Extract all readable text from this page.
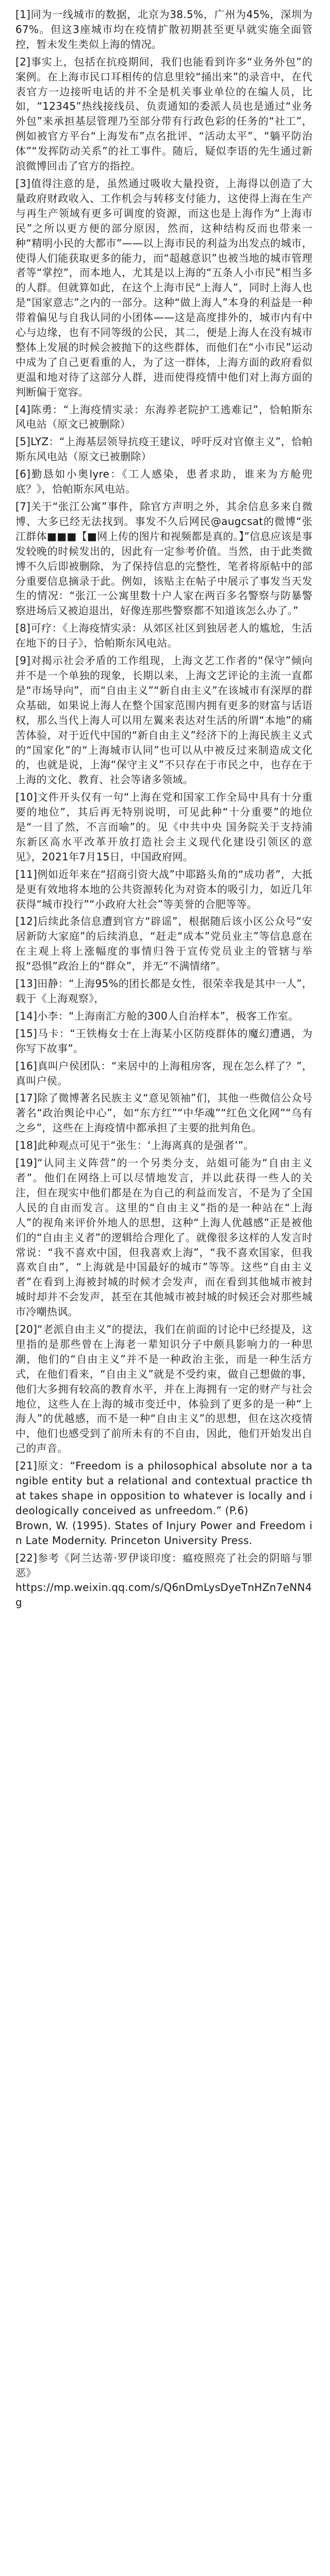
[1]同为一线城市的数据，北京为38.5%，广州为45%，深圳为67%。但这3座城市均在疫情扩散初期甚至更早就实施全面管控，暂未发生类似上海的情况。

[2]事实上，包括在抗疫期间，我们也能看到许多“业务外包”的案例。在上海市民口耳相传的信息里较“捅出来”的录音中，在代表官方一边接听电话的并不全是机关事业单位的在编人员，比如，“12345”热线接线员、负责通知的委派人员也是通过“业务外包”来承担基层管理乃至部分带有行政色彩的任务的“社工”，例如被官方平台“上海发布”点名批评、“活动太平”、“躺平防治体”“发挥防动关系”的社工事件。随后，疑似李语的先生通过新浪微博回击了官方的指控。

[3]值得注意的是，虽然通过吸收大量投资，上海得以创造了大量政府财政收入、工作机会与转移支付能力，这使得上海在生产与再生产领域有更多可调度的资源，而这也是上海作为“上海市民”之所以更方便的部分原因，然而，这种结构反而也带来一种“精明小民的大都市”——以上海市民的利益为出发点的城市，使得人们能获取更多的能力，而“超越意识”也被当地的城市管理者等“掌控”，而本地人，尤其是以上海的“五条人小市民”相当多的人群。但就算如此，在这个上海市民“上海人”，同时上海人也是“国家意志”之内的一部分。这种“做上海人”本身的利益是一种带着偏见与自我认同的小团体——这是高度排外的，城市内有中心与边缘，也有不同等级的公民，其二，便是上海人在没有城市整体上发展的时候会被抛下的这些群体，而他们在“小市民”运动中成为了自己更看重的人，为了这一群体，上海方面的政府看似更温和地对待了这部分人群，进而使得疫情中他们对上海方面的判断偏于宽容。

[4]陈勇：“上海疫情实录：东海养老院护工逃难记”，恰帕斯东风电站（原文已被删除）

[5]LYZ：“上海基层领导抗疫王建议，呼吁反对官僚主义”，恰帕斯东风电站（原文已被删除）

[6]勤恳如小奥lyre：《工人感染，患者求助，谁来为方舱兜底？》，恰帕斯东风电站。

[7]关于“张江公寓”事件，除官方声明之外，其余信息多来自微博、大多已经无法找到。事发不久后网民@augcsat的微博“张江群体■■■【■网上传的图片和视频都是真的。】”信息应该是事发较晚的时候发出的，因此有一定参考价值。当然，由于此类微博不久后即被删除，为了保持信息的完整性，笔者将原帖中的部分重要信息摘录于此。例如，该贴主在帖子中展示了事发当天发生的情况：“张江一公寓里数十户人家在两百多名警察与防暴警察进场后又被迫退出，好像连那些警察都不知道该怎么办了。”

[8]可疗：《上海疫情实录：从郊区社区到独居老人的尴尬，生活在地下的日子》，恰帕斯东风电站。

[9]对揭示社会矛盾的工作组现，上海文艺工作者的“保守”倾向并不是一个单独的现象，长期以来，上海文艺评论的主流一直都是“市场导向”，而“自由主义”“新自由主义”在该城市有深厚的群众基础，如果说上海人在整个国家范围内拥有更多的财富与话语权，那么当代上海人可以用左翼来表达对生活的所谓“本地”的痛苦体验，对于近代中国的“新自由主义”经济下的上海民族主义式的“国家化”的“上海城市认同”也可以从中被反过来制造成文化的，也就是说，上海“保守主义”不只存在于市民之中，也存在于上海的文化、教育、社会等诸多领域。

[10]文件开头仅有一句“上海在党和国家工作全局中具有十分重要的地位”，其后再无特别说明，可见此种“十分重要”的地位是“一目了然，不言而喻”的。见《中共中央 国务院关于支持浦东新区高水平改革开放打造社会主义现代化建设引领区的意见》，2021年7月15日，中国政府网。

[11]例如近年来在“招商引资大战”中耶路头角的“成功者”，大抵是更有效地将本地的公共资源转化为对资本的吸引力，如近几年获得“城市投行”“小政府大社会”等美誉的合肥等等。

[12]后续此条信息遭到官方“辟谣”，根据随后该小区公众号“安居新防大家庭”的后续消息，“赶走“成本”党员业主”等信息意在在主观上将上涨幅度的事情归咎于宣传党员业主的管辖与举报“恐惧”政治上的“群众”，并无“不满情绪”。

[13]田静：“上海95%的团长都是女性，很荣幸我是其中一人”，载于《上海观察》，

[14]小李：“上海南汇方舱的300人自治样本”，极客工作室。

[15]马卡：“王铁梅女士在上海某小区防疫群体的魔幻遭遇，为你写下故事”。

[16]真叫户侯团队：“来居中的上海租房客，现在怎么样了？”，真叫户侯。

[17]除了微博著名民族主义“意见领袖”们，其他一些微信公众号著名“政治舆论中心”，如“东方红”“中华魂”“红色文化网”“乌有之乡”，这些在上海疫情中都承担了主要的批判角色。

[18]此种观点可见于“张生：‘上海离真的是强者’”。

[19]“认同主义阵营”的一个另类分支，站姐可能为“自由主义者”。他们在网络上可以尽情地发言，并以此获得一些人的关注，但在现实中他们都是在为自己的利益而发言，不是为了全国人民的自由而发言。这里的“自由主义”指的是一种站在“上海人”的视角来评价外地人的思想，这种“上海人优越感”正是被他们的“自由主义者”的逻辑给合理化了。就像很多这样的人发言时常说：“我不喜欢中国，但我喜欢上海”，“我不喜欢国家，但我喜欢自由”，“上海就是中国最好的城市”等等。这些“自由主义者”在看到上海被封城的时候才会发声，而在看到其他城市被封城时却并不会发声，甚至在其他城市被封城的时候还会对那些城市冷嘲热讽。

[20]“老派自由主义”的提法，我们在前面的讨论中已经提及，这里指的是那些曾在上海老一辈知识分子中颇具影响力的一种思潮，他们的“自由主义”并不是一种政治主张，而是一种生活方式，在他们看来，“自由主义”就是不受约束，做自己想做的事，他们大多拥有较高的教育水平，并在上海拥有一定的财产与社会地位，这些人在上海的城市变迁中，体验到了更多的是一种“上海人”的优越感，而不是一种“自由主义”的思想，但在这次疫情中，他们也感受到了前所未有的不自由，因此，他们开始发出自己的声音。

[21]原文：“Freedom is a philosophical absolute nor a tangible entity but a relational and contextual practice that takes shape in opposition to whatever is locally and ideologically conceived as unfreedom.” (P.6)
Brown, W. (1995). States of Injury Power and Freedom in Late Modernity. Princeton University Press.

[22]参考《阿兰达蒂·罗伊谈印度：瘟疫照亮了社会的阴暗与罪恶》
https://mp.weixin.qq.com/s/Q6nDmLysDyeTnHZn7eNN4g
